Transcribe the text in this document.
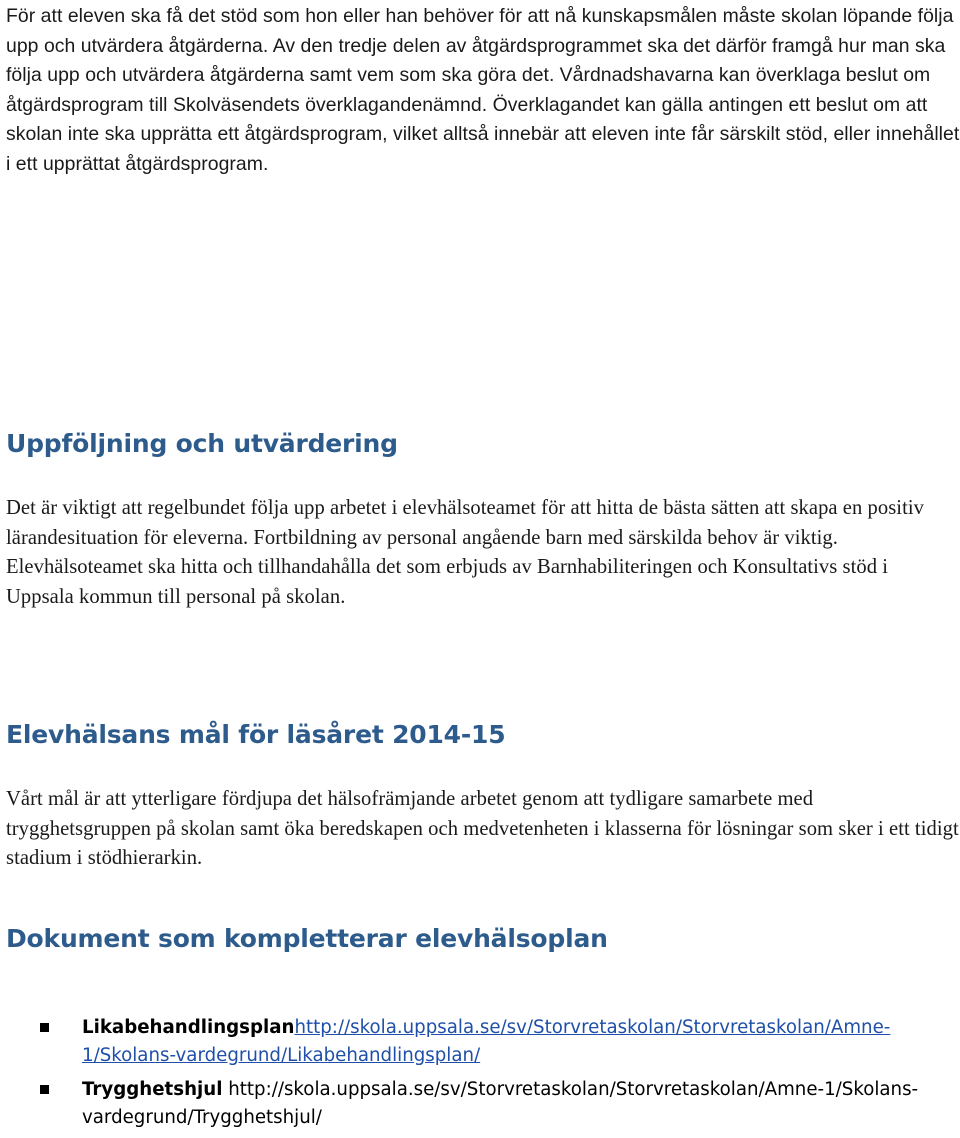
För att eleven ska få det stöd som hon eller han behöver för att nå kunskapsmålen måste skolan löpande följa upp och utvärdera åtgärderna. Av den tredje delen av åtgärdsprogrammet ska det därför framgå hur man ska följa upp och utvärdera åtgärderna samt vem som ska göra det. Vårdnadshavarna kan överklaga beslut om åtgärdsprogram till Skolväsendets överklagandenämnd. Överklagandet kan gälla antingen ett beslut om att skolan inte ska upprätta ett åtgärdsprogram, vilket alltså innebär att eleven inte får särskilt stöd, eller innehållet i ett upprättat åtgärdsprogram.

Uppföljning och utvärdering

Det är viktigt att regelbundet följa upp arbetet i elevhälsoteamet för att hitta de bästa sätten att skapa en positiv lärandesituation för eleverna. Fortbildning av personal angående barn med särskilda behov är viktig. Elevhälsoteamet ska hitta och tillhandahålla det som erbjuds av Barnhabiliteringen och Konsultativs stöd i Uppsala kommun till personal på skolan.

Elevhälsans mål för läsåret 2014-15

Vårt mål är att ytterligare fördjupa det hälsofrämjande arbetet genom att tydligare samarbete med trygghetsgruppen på skolan samt öka beredskapen och medvetenheten i klasserna för lösningar som sker i ett tidigt stadium i stödhierarkin.

Dokument som kompletterar elevhälsoplan
Likabehandlingsplanhttp://skola.uppsala.se/sv/Storvretaskolan/Storvretaskolan/Amne-1/Skolans-vardegrund/Likabehandlingsplan/
Trygghetshjul http://skola.uppsala.se/sv/Storvretaskolan/Storvretaskolan/Amne-1/Skolans-vardegrund/Trygghetshjul/
